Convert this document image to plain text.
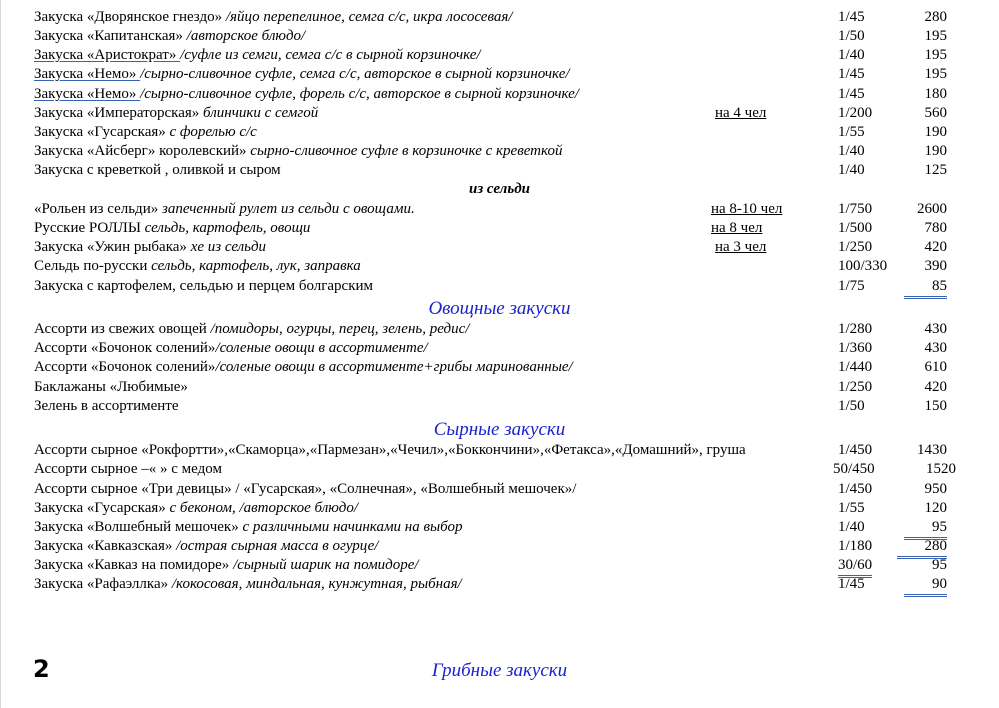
Закуска «Дворянское гнездо» /яйцо перепелиное, семга с/с, икра лососевая/	1/45	280
Закуска «Капитанская» /авторское блюдо/	1/50	195
Закуска «Аристократ» /суфле из семги, семга с/с в сырной корзиночке/	1/40	195
Закуска «Немо» /сырно-сливочное суфле, семга с/с, авторское в сырной корзиночке/	1/45	195
Закуска «Немо» /сырно-сливочное суфле, форель с/с, авторское в сырной корзиночке/	1/45	180
Закуска «Императорская» блинчики с семгой	на 4 чел	1/200	560
Закуска «Гусарская» с форелью с/с	1/55	190
Закуска «Айсберг» королевский» сырно-сливочное суфле в корзиночке с креветкой	1/40	190
Закуска с креветкой , оливкой и сыром	1/40	125
из сельди
«Рольен из сельди» запеченный рулет из сельди с овощами.	на 8-10 чел	1/750	2600
Русские РОЛЛЫ сельдь, картофель, овощи	на 8 чел	1/500	780
Закуска «Ужин рыбака» хе из сельди	на 3 чел	1/250	420
Сельдь по-русски сельдь, картофель, лук, заправка	100/330 390
Закуска с картофелем, сельдью и перцем болгарским	1/75	85
Овощные закуски
Ассорти из свежих овощей /помидоры, огурцы, перец, зелень, редис/	1/280	430
Ассорти «Бочонок солений»/соленые овощи в ассортименте/	1/360	430
Ассорти «Бочонок солений»/соленые овощи в ассортименте+грибы маринованные/	1/440	610
Баклажаны «Любимые»	1/250	420
Зелень в ассортименте	1/50	150
Сырные закуски
Ассорти сырное «Рокфортти»,«Скаморца»,«Пармезан»,«Чечил»,«Боккончини»,«Фетакса»,«Домашний», груша	1/450	1430
Ассорти сырное –« » с медом	50/450	1520
Ассорти сырное «Три девицы» / «Гусарская», «Солнечная», «Волшебный мешочек»/	1/450	950
Закуска «Гусарская» с беконом, /авторское блюдо/	1/55	120
Закуска «Волшебный мешочек» с различными начинками на выбор	1/40	95
Закуска «Кавказская» /острая сырная масса в огурце/	1/180	280
Закуска «Кавказ на помидоре» /сырный шарик на помидоре/	30/60	95
Закуска «Рафаэллка» /кокосовая, миндальная, кунжутная, рыбная/	1/45	90
2	Грибные закуски
